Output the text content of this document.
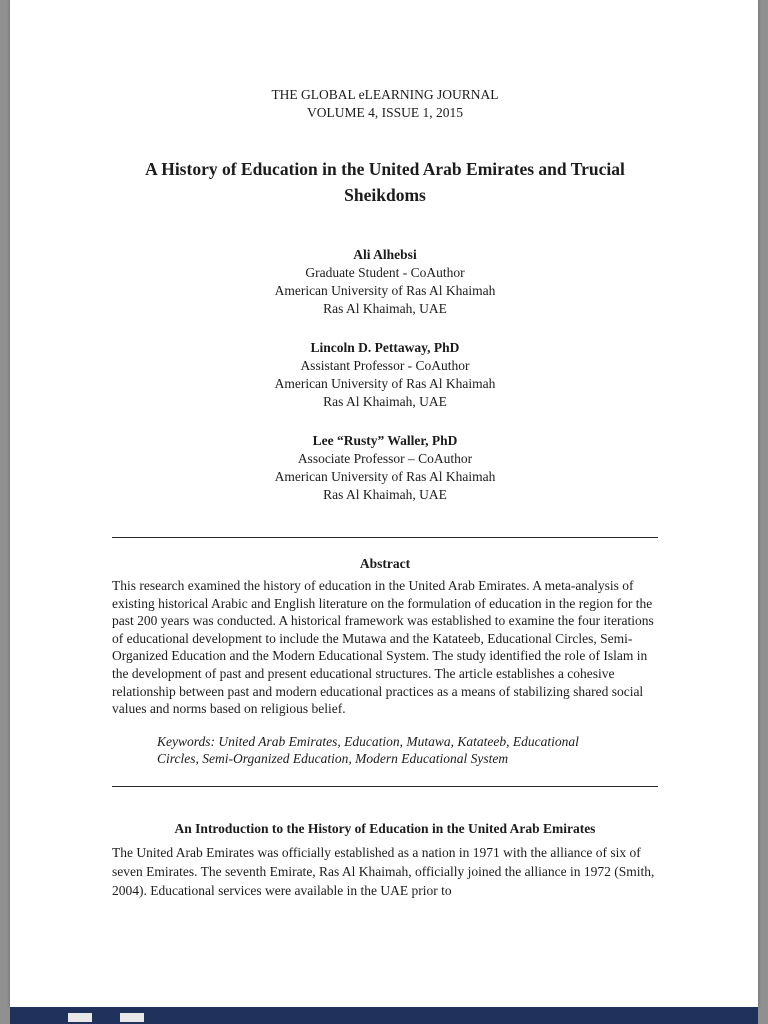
THE GLOBAL eLEARNING JOURNAL
VOLUME 4, ISSUE 1, 2015
A History of Education in the United Arab Emirates and Trucial Sheikdoms
Ali Alhebsi
Graduate Student - CoAuthor
American University of Ras Al Khaimah
Ras Al Khaimah, UAE
Lincoln D. Pettaway, PhD
Assistant Professor - CoAuthor
American University of Ras Al Khaimah
Ras Al Khaimah, UAE
Lee “Rusty” Waller, PhD
Associate Professor – CoAuthor
American University of Ras Al Khaimah
Ras Al Khaimah, UAE
Abstract
This research examined the history of education in the United Arab Emirates. A meta-analysis of existing historical Arabic and English literature on the formulation of education in the region for the past 200 years was conducted. A historical framework was established to examine the four iterations of educational development to include the Mutawa and the Katateeb, Educational Circles, Semi-Organized Education and the Modern Educational System. The study identified the role of Islam in the development of past and present educational structures. The article establishes a cohesive relationship between past and modern educational practices as a means of stabilizing shared social values and norms based on religious belief.
Keywords: United Arab Emirates, Education, Mutawa, Katateeb, Educational Circles, Semi-Organized Education, Modern Educational System
An Introduction to the History of Education in the United Arab Emirates
The United Arab Emirates was officially established as a nation in 1971 with the alliance of six of seven Emirates. The seventh Emirate, Ras Al Khaimah, officially joined the alliance in 1972 (Smith, 2004). Educational services were available in the UAE prior to
